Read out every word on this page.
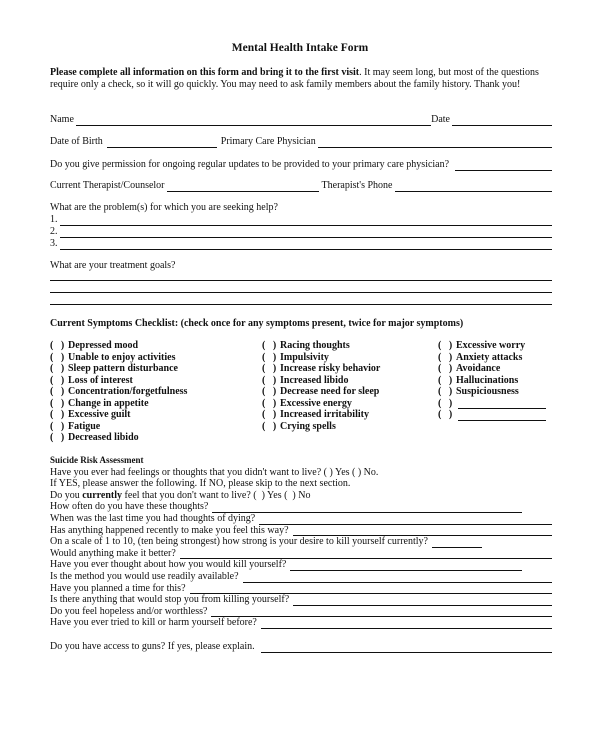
Mental Health Intake Form
Please complete all information on this form and bring it to the first visit. It may seem long, but most of the questions require only a check, so it will go quickly. You may need to ask family members about the family history. Thank you!
Name	Date
Date of Birth	Primary Care Physician
Do you give permission for ongoing regular updates to be provided to your primary care physician?
Current Therapist/Counselor	Therapist's Phone
What are the problem(s) for which you are seeking help?
1.
2.
3.
What are your treatment goals?
Current Symptoms Checklist: (check once for any symptoms present, twice for major symptoms)
(   ) Depressed mood
(   ) Unable to enjoy activities
(   ) Sleep pattern disturbance
(   ) Loss of interest
(   ) Concentration/forgetfulness
(   ) Change in appetite
(   ) Excessive guilt
(   ) Fatigue
(   ) Decreased libido
(   ) Racing thoughts
(   ) Impulsivity
(   ) Increase risky behavior
(   ) Increased libido
(   ) Decrease need for sleep
(   ) Excessive energy
(   ) Increased irritability
(   ) Crying spells
(   ) Excessive worry
(   ) Anxiety attacks
(   ) Avoidance
(   ) Hallucinations
(   ) Suspiciousness
(   )
(   )
Suicide Risk Assessment
Have you ever had feelings or thoughts that you didn't want to live? ( ) Yes ( ) No.
If YES, please answer the following. If NO, please skip to the next section.
Do you currently feel that you don't want to live? (  ) Yes (  ) No
How often do you have these thoughts?
When was the last time you had thoughts of dying?
Has anything happened recently to make you feel this way?
On a scale of 1 to 10, (ten being strongest) how strong is your desire to kill yourself currently?
Would anything make it better?
Have you ever thought about how you would kill yourself?
Is the method you would use readily available?
Have you planned a time for this?
Is there anything that would stop you from killing yourself?
Do you feel hopeless and/or worthless?
Have you ever tried to kill or harm yourself before?
Do you have access to guns? If yes, please explain.
